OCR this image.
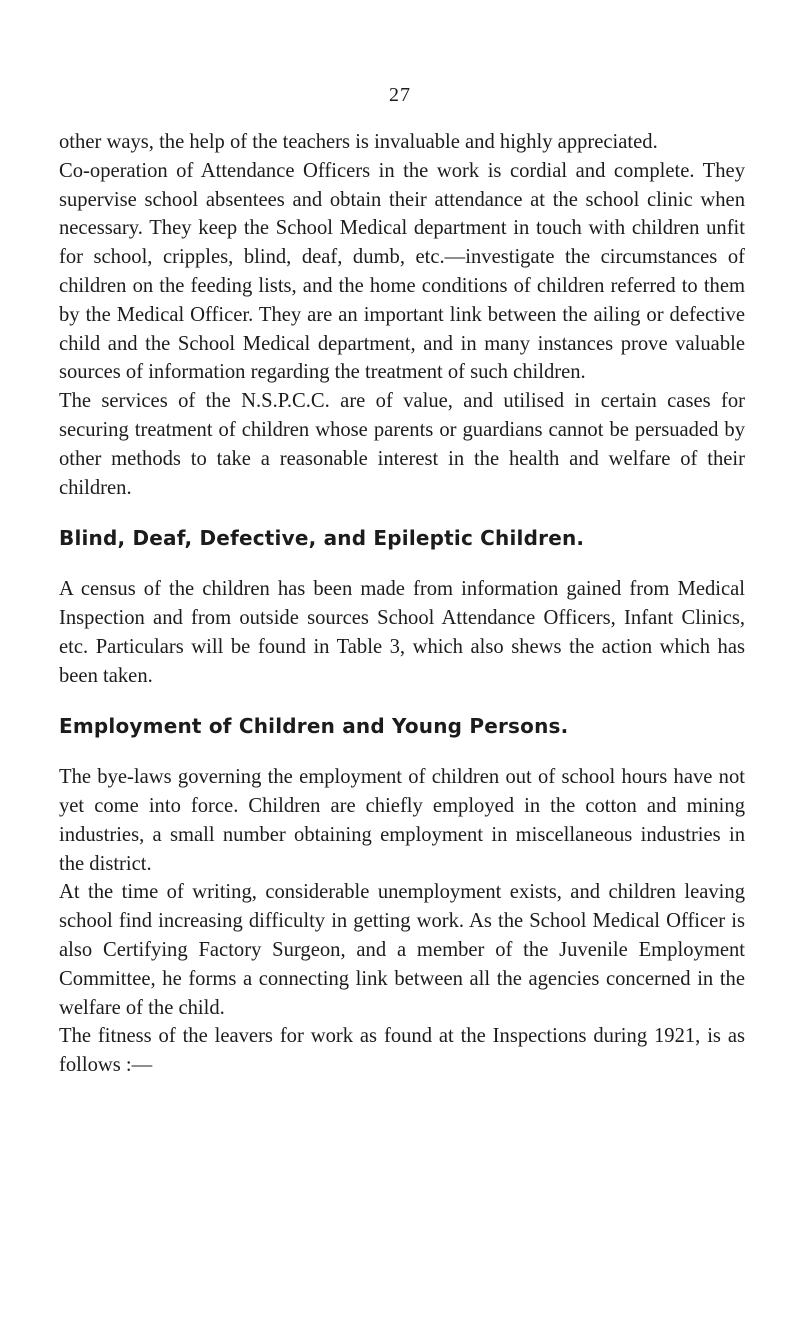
27

other ways, the help of the teachers is invaluable and highly appreciated.

Co-operation of Attendance Officers in the work is cordial and complete. They supervise school absentees and obtain their attendance at the school clinic when necessary. They keep the School Medical department in touch with children unfit for school, cripples, blind, deaf, dumb, etc.—investigate the circumstances of children on the feeding lists, and the home conditions of children referred to them by the Medical Officer. They are an important link between the ailing or defective child and the School Medical department, and in many instances prove valuable sources of information regarding the treatment of such children.

The services of the N.S.P.C.C. are of value, and utilised in certain cases for securing treatment of children whose parents or guardians cannot be persuaded by other methods to take a reasonable interest in the health and welfare of their children.

Blind, Deaf, Defective, and Epileptic Children.

A census of the children has been made from information gained from Medical Inspection and from outside sources School Attendance Officers, Infant Clinics, etc. Particulars will be found in Table 3, which also shews the action which has been taken.

Employment of Children and Young Persons.

The bye-laws governing the employment of children out of school hours have not yet come into force. Children are chiefly employed in the cotton and mining industries, a small number obtaining employment in miscellaneous industries in the district.

At the time of writing, considerable unemployment exists, and children leaving school find increasing difficulty in getting work. As the School Medical Officer is also Certifying Factory Surgeon, and a member of the Juvenile Employment Committee, he forms a connecting link between all the agencies concerned in the welfare of the child.

The fitness of the leavers for work as found at the Inspections during 1921, is as follows :—
